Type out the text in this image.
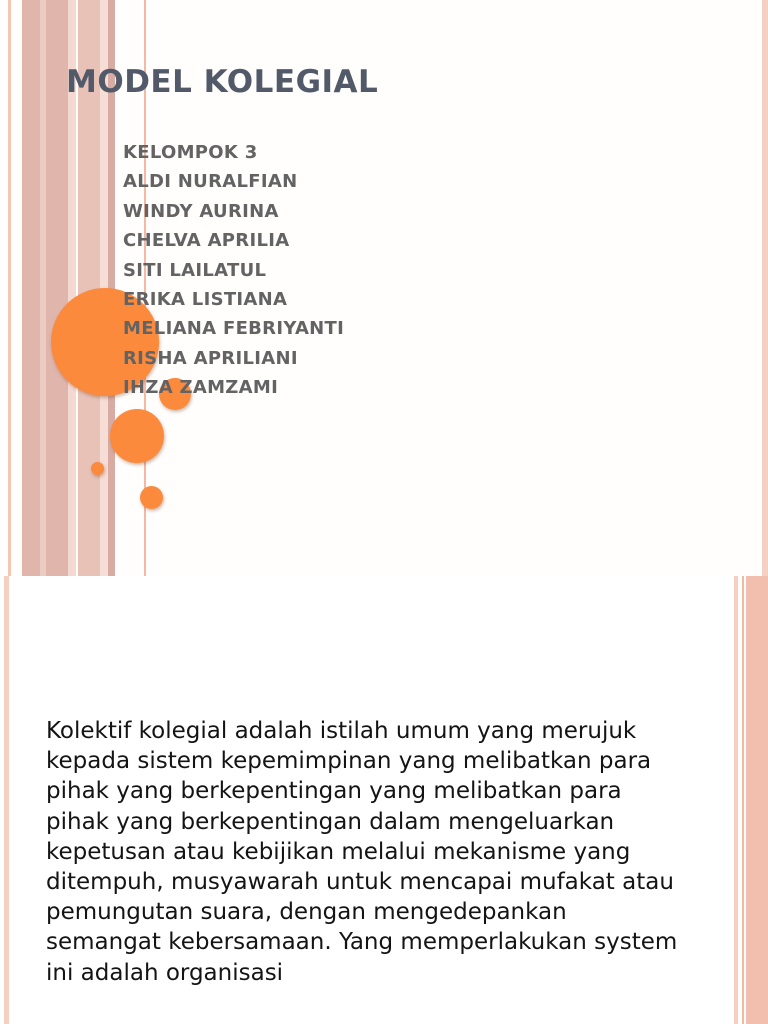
MODEL KOLEGIAL
KELOMPOK 3
ALDI NURALFIAN
WINDY AURINA
CHELVA APRILIA
SITI LAILATUL
ERIKA LISTIANA
MELIANA FEBRIYANTI
RISHA APRILIANI
IHZA ZAMZAMI

Kolektif kolegial adalah istilah umum yang merujuk kepada sistem kepemimpinan yang melibatkan para pihak yang berkepentingan yang melibatkan para pihak yang berkepentingan dalam mengeluarkan kepetusan atau kebijikan melalui mekanisme yang ditempuh, musyawarah untuk mencapai mufakat atau pemungutan suara, dengan mengedepankan semangat kebersamaan. Yang memperlakukan system ini adalah organisasi
